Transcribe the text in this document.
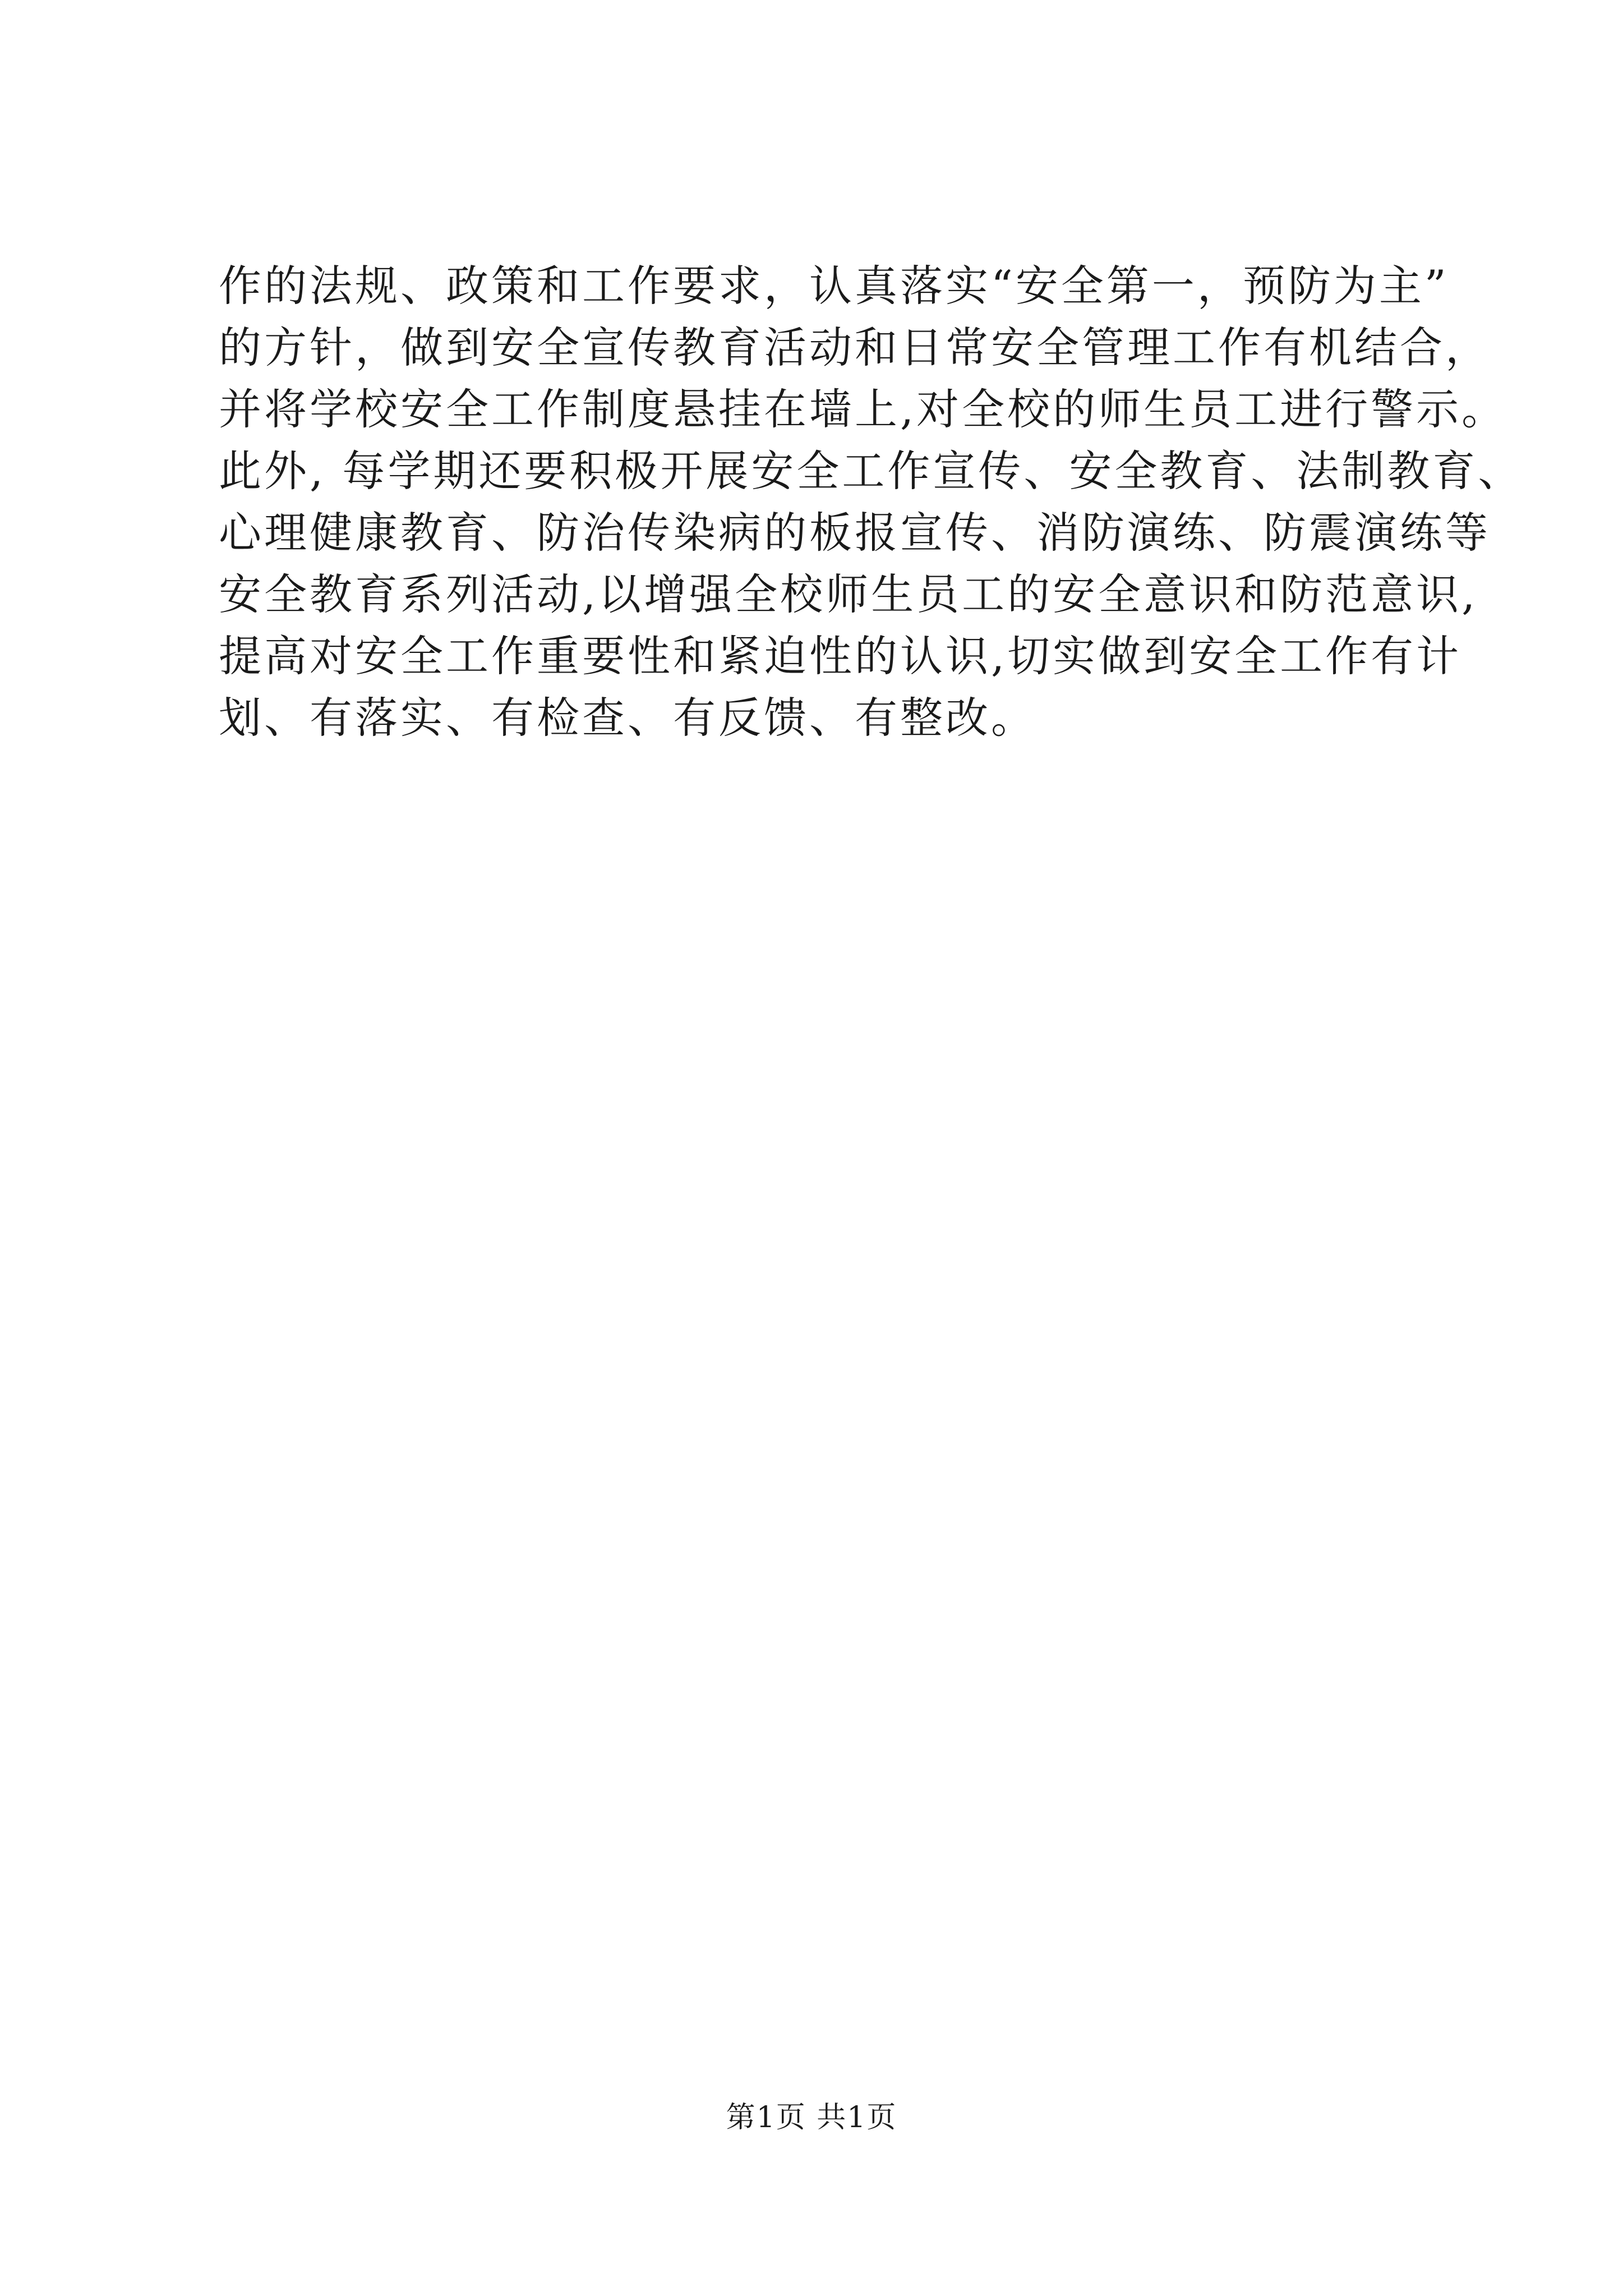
作的法规、政策和工作要求，认真落实“安全第一，预防为主”

的方针，做到安全宣传教育活动和日常安全管理工作有机结合，

并将学校安全工作制度悬挂在墙上,对全校的师生员工进行警示。

此外, 每学期还要积极开展安全工作宣传、安全教育、法制教育、

心理健康教育、防治传染病的板报宣传、消防演练、防震演练等

安全教育系列活动,以增强全校师生员工的安全意识和防范意识,

提高对安全工作重要性和紧迫性的认识,切实做到安全工作有计

划、有落实、有检查、有反馈、有整改。

第1页 共1页
